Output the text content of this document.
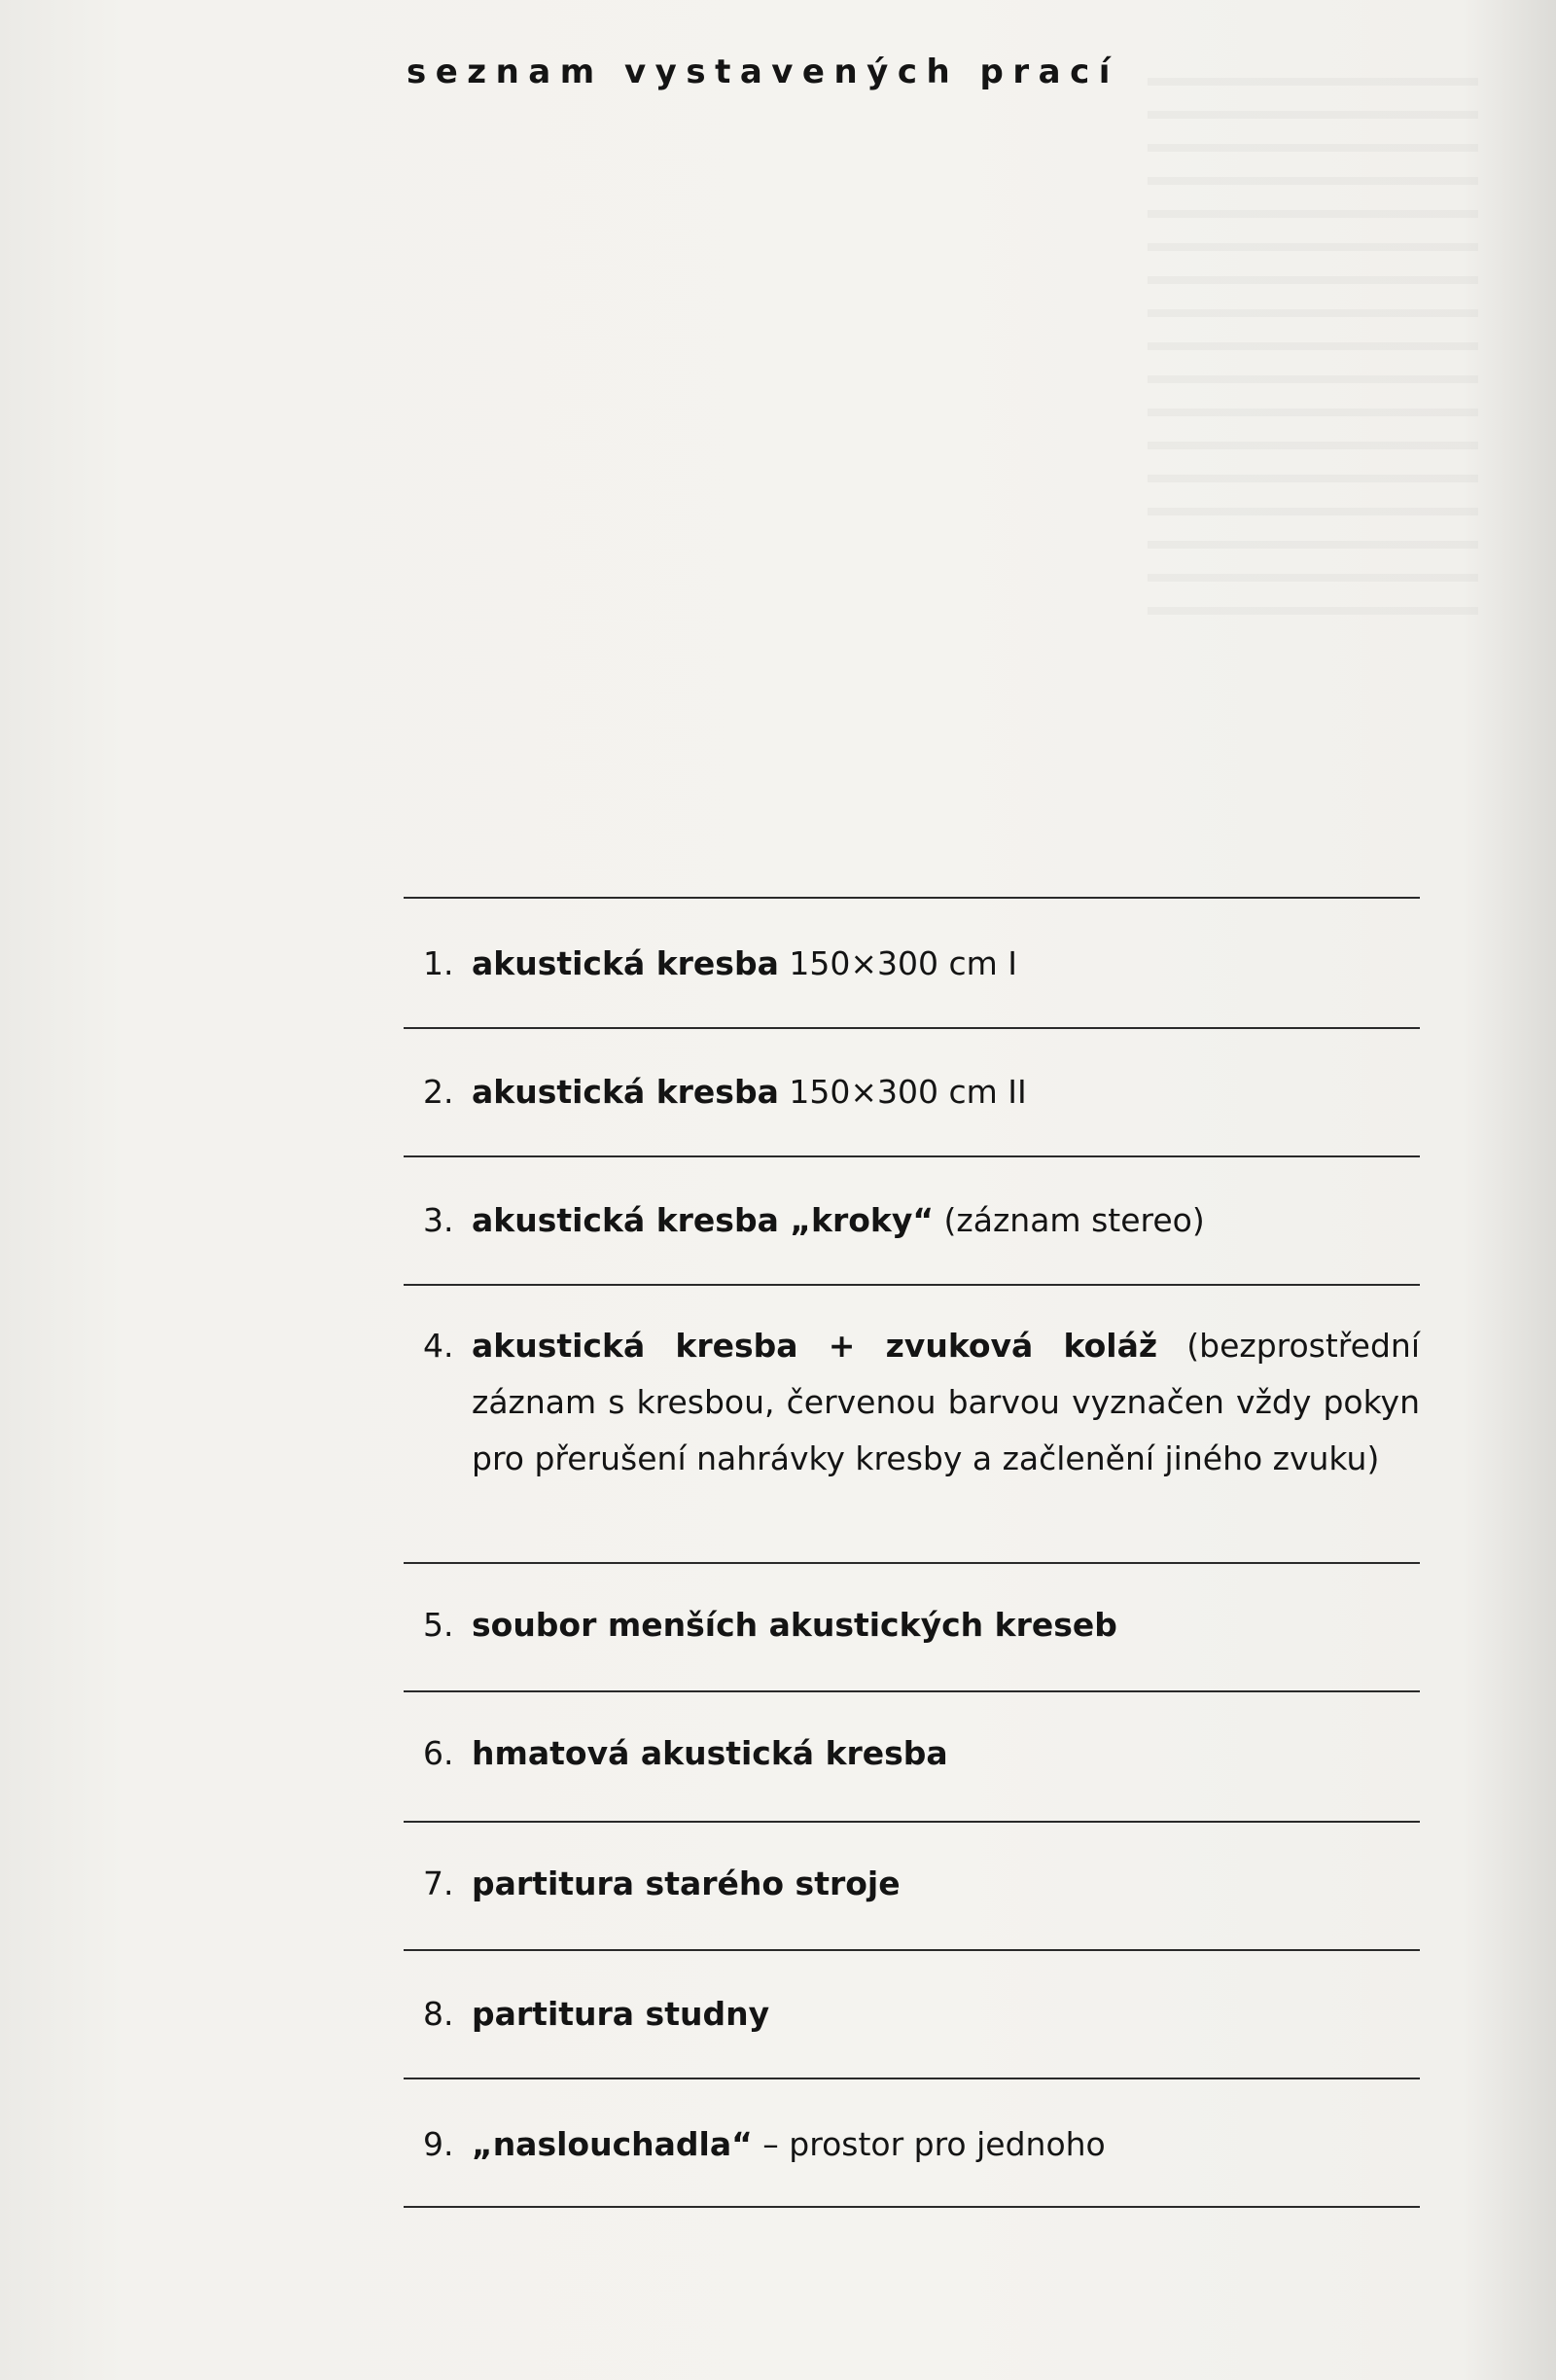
seznam vystavených prací
1. akustická kresba 150×300 cm I
2. akustická kresba 150×300 cm II
3. akustická kresba „kroky“ (záznam stereo)
4. akustická kresba + zvuková koláž (bezprostřední záznam s kresbou, červenou barvou vyznačen vždy pokyn pro přerušení nahrávky kresby a začlenění jiného zvuku)
5. soubor menších akustických kreseb
6. hmatová akustická kresba
7. partitura starého stroje
8. partitura studny
9. „naslouchadla“ – prostor pro jednoho
